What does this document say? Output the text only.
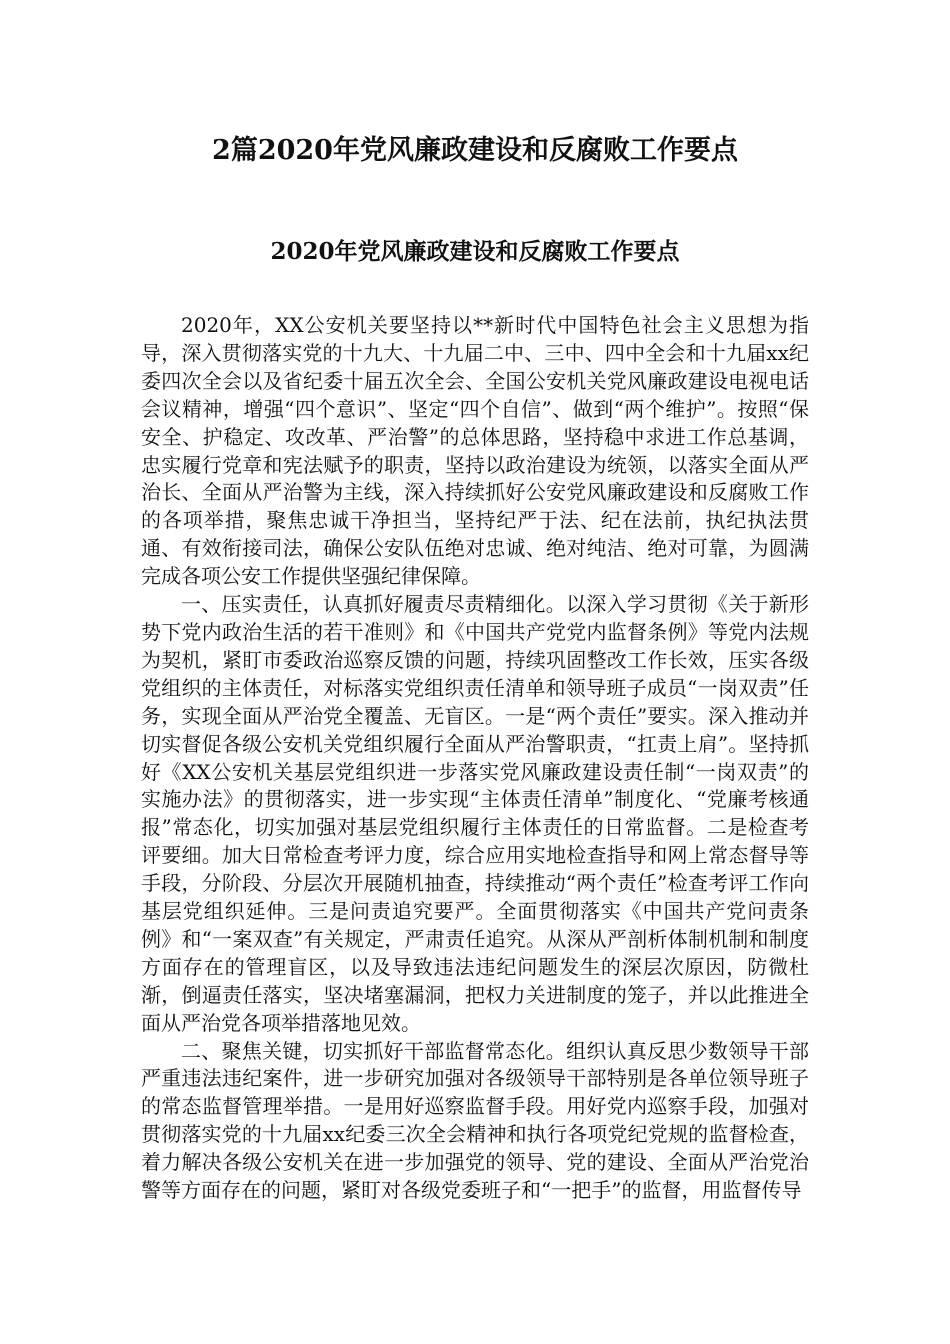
2篇2020年党风廉政建设和反腐败工作要点
2020年党风廉政建设和反腐败工作要点

2020年，XX公安机关要坚持以**新时代中国特色社会主义思想为指导，深入贯彻落实党的十九大、十九届二中、三中、四中全会和十九届xx纪委四次全会以及省纪委十届五次全会、全国公安机关党风廉政建设电视电话会议精神，增强“四个意识”、坚定“四个自信”、做到“两个维护”。按照“保安全、护稳定、攻改革、严治警”的总体思路，坚持稳中求进工作总基调，忠实履行党章和宪法赋予的职责，坚持以政治建设为统领，以落实全面从严治长、全面从严治警为主线，深入持续抓好公安党风廉政建设和反腐败工作的各项举措，聚焦忠诚干净担当，坚持纪严于法、纪在法前，执纪执法贯通、有效衔接司法，确保公安队伍绝对忠诚、绝对纯洁、绝对可靠，为圆满完成各项公安工作提供坚强纪律保障。

一、压实责任，认真抓好履责尽责精细化。以深入学习贯彻《关于新形势下党内政治生活的若干准则》和《中国共产党党内监督条例》等党内法规为契机，紧盯市委政治巡察反馈的问题，持续巩固整改工作长效，压实各级党组织的主体责任，对标落实党组织责任清单和领导班子成员“一岗双责”任务，实现全面从严治党全覆盖、无盲区。一是“两个责任”要实。深入推动并切实督促各级公安机关党组织履行全面从严治警职责，“扛责上肩”。坚持抓好《XX公安机关基层党组织进一步落实党风廉政建设责任制“一岗双责”的实施办法》的贯彻落实，进一步实现“主体责任清单”制度化、“党廉考核通报”常态化，切实加强对基层党组织履行主体责任的日常监督。二是检查考评要细。加大日常检查考评力度，综合应用实地检查指导和网上常态督导等手段，分阶段、分层次开展随机抽查，持续推动“两个责任”检查考评工作向基层党组织延伸。三是问责追究要严。全面贯彻落实《中国共产党问责条例》和“一案双查”有关规定，严肃责任追究。从深从严剖析体制机制和制度方面存在的管理盲区，以及导致违法违纪问题发生的深层次原因，防微杜渐，倒逼责任落实，坚决堵塞漏洞，把权力关进制度的笼子，并以此推进全面从严治党各项举措落地见效。

二、聚焦关键，切实抓好干部监督常态化。组织认真反思少数领导干部严重违法违纪案件，进一步研究加强对各级领导干部特别是各单位领导班子的常态监督管理举措。一是用好巡察监督手段。用好党内巡察手段，加强对贯彻落实党的十九届xx纪委三次全会精神和执行各项党纪党规的监督检查，着力解决各级公安机关在进一步加强党的领导、党的建设、全面从严治党治警等方面存在的问题，紧盯对各级党委班子和“一把手”的监督，用监督传导
